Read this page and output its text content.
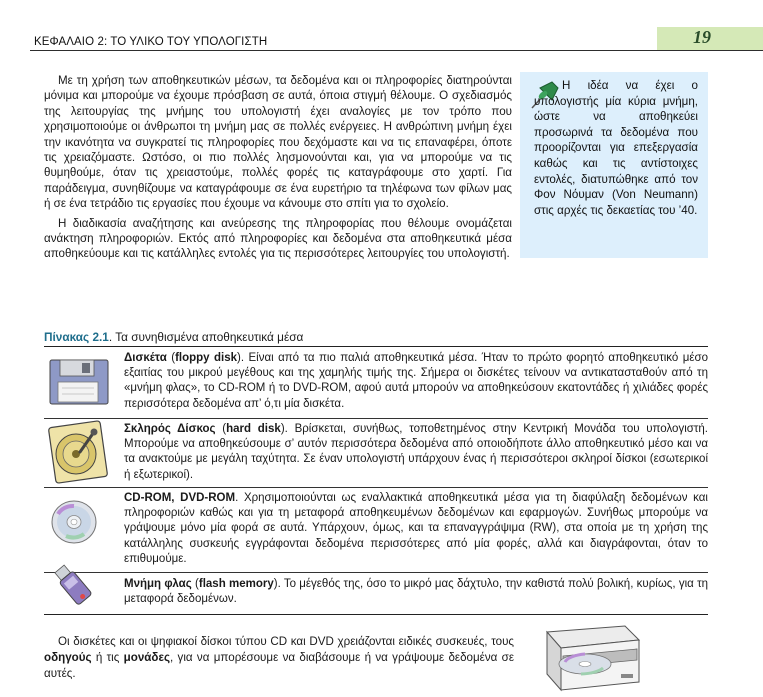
ΚΕΦΑΛΑΙΟ 2: ΤΟ ΥΛΙΚΟ ΤΟΥ ΥΠΟΛΟΓΙΣΤΗ	19

Με τη χρήση των αποθηκευτικών μέσων, τα δεδομένα και οι πληροφορίες διατηρούνται μόνιμα και μπορούμε να έχουμε πρόσβαση σε αυτά, όποια στιγμή θέλουμε. Ο σχεδιασμός της λειτουργίας της μνήμης του υπολογιστή έχει αναλογίες με τον τρόπο που χρησιμοποιούμε οι άνθρωποι τη μνήμη μας σε πολλές ενέργειες. Η ανθρώπινη μνήμη έχει την ικανότητα να συγκρατεί τις πληροφορίες που δεχόμαστε και να τις επαναφέρει, όποτε τις χρειαζόμαστε. Ωστόσο, οι πιο πολλές λησμονούνται και, για να μπορούμε να τις θυμηθούμε, όταν τις χρειαστούμε, πολλές φορές τις καταγράφουμε στο χαρτί. Για παράδειγμα, συνηθίζουμε να καταγράφουμε σε ένα ευρετήριο τα τηλέφωνα των φίλων μας ή σε ένα τετράδιο τις εργασίες που έχουμε να κάνουμε στο σπίτι για το σχολείο.

Η διαδικασία αναζήτησης και ανεύρεσης της πληροφορίας που θέλουμε ονομάζεται ανάκτηση πληροφοριών. Εκτός από πληροφορίες και δεδομένα στα αποθηκευτικά μέσα αποθηκεύουμε και τις κατάλληλες εντολές για τις περισσότερες λειτουργίες του υπολογιστή.

Η ιδέα να έχει ο υπολογιστής μία κύρια μνήμη, ώστε να αποθηκεύει προσωρινά τα δεδομένα που προορίζονται για επεξεργασία καθώς και τις αντίστοιχες εντολές, διατυπώθηκε από τον Φον Νόυμαν (Von Neumann) στις αρχές τις δεκαετίας του ’40.
Πίνακας 2.1. Τα συνηθισμένα αποθηκευτικά μέσα
Δισκέτα (floppy disk). Είναι από τα πιο παλιά αποθηκευτικά μέσα. Ήταν το πρώτο φορητό αποθηκευτικό μέσο εξαιτίας του μικρού μεγέθους και της χαμηλής τιμής της. Σήμερα οι δισκέτες τείνουν να αντικατασταθούν από τη «μνήμη φλας», το CD-ROM ή το DVD-ROM, αφού αυτά μπορούν να αποθηκεύσουν εκατοντάδες ή χιλιάδες φορές περισσότερα δεδομένα απ’ ό,τι μία δισκέτα.
Σκληρός Δίσκος (hard disk). Βρίσκεται, συνήθως, τοποθετημένος στην Κεντρική Μονάδα του υπολογιστή. Μπορούμε να αποθηκεύσουμε σ’ αυτόν περισσότερα δεδομένα από οποιοδήποτε άλλο αποθηκευτικό μέσο και να τα ανακτούμε με μεγάλη ταχύτητα. Σε έναν υπολογιστή υπάρχουν ένας ή περισσότεροι σκληροί δίσκοι (εσωτερικοί ή εξωτερικοί).
CD-ROM, DVD-ROM. Χρησιμοποιούνται ως εναλλακτικά αποθηκευτικά μέσα για τη διαφύλαξη δεδομένων και πληροφοριών καθώς και για τη μεταφορά αποθηκευμένων δεδομένων και εφαρμογών. Συνήθως μπορούμε να γράψουμε μόνο μία φορά σε αυτά. Υπάρχουν, όμως, και τα επαναγγράψιμα (RW), στα οποία με τη χρήση της κατάλληλης συσκευής εγγράφονται δεδομένα περισσότερες από μία φορές, αλλά και διαγράφονται, όταν το επιθυμούμε.
Μνήμη φλας (flash memory). Το μέγεθός της, όσο το μικρό μας δάχτυλο, την καθιστά πολύ βολική, κυρίως, για τη μεταφορά δεδομένων.

Οι δισκέτες και οι ψηφιακοί δίσκοι τύπου CD και DVD χρειάζονται ειδικές συσκευές, τους οδηγούς ή τις μονάδες, για να μπορέσουμε να διαβάσουμε ή να γράψουμε δεδομένα σε αυτές.
